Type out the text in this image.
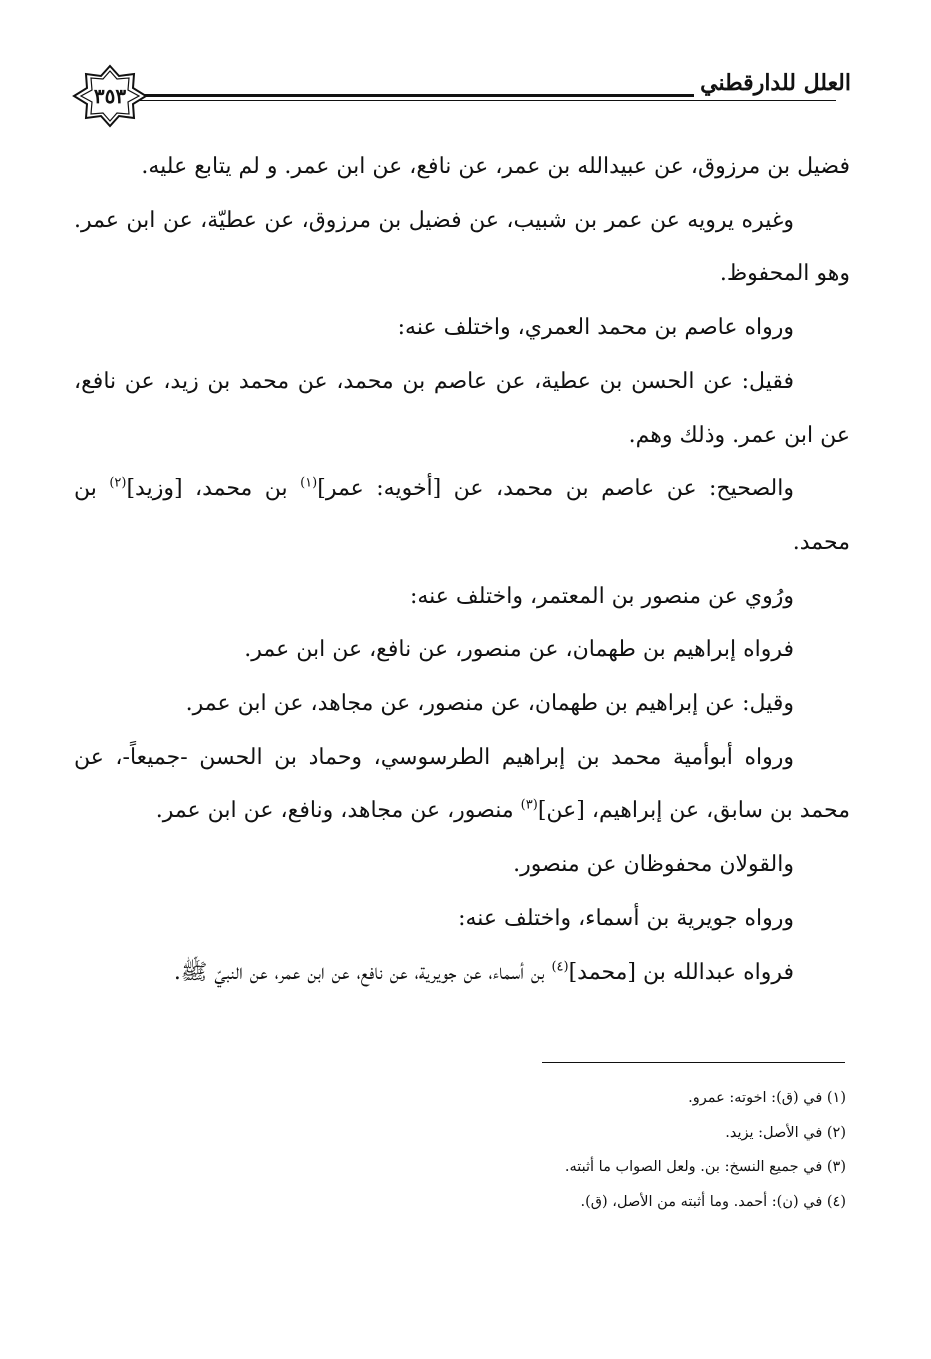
العلل للدارقطني
٣٥٣

فضيل بن مرزوق، عن عبيدالله بن عمر، عن نافع، عن ابن عمر. و لم يتابع عليه.

وغيره يرويه عن عمر بن شبيب، عن فضيل بن مرزوق، عن عطيّة، عن ابن عمر. وهو المحفوظ.

ورواه عاصم بن محمد العمري، واختلف عنه:

فقيل: عن الحسن بن عطية، عن عاصم بن محمد، عن محمد بن زيد، عن نافع، عن ابن عمر. وذلك وهم.

والصحيح: عن عاصم بن محمد، عن [أخويه: عمر]$^{(١)}$ بن محمد، [وزيد]$^{(٢)}$ بن محمد.

ورُوي عن منصور بن المعتمر، واختلف عنه:

فرواه إبراهيم بن طهمان، عن منصور، عن نافع، عن ابن عمر.

وقيل: عن إبراهيم بن طهمان، عن منصور، عن مجاهد، عن ابن عمر.

ورواه أبوأمية محمد بن إبراهيم الطرسوسي، وحماد بن الحسن -جميعاً-، عن محمد بن سابق، عن إبراهيم، [عن]$^{(٣)}$ منصور، عن مجاهد، ونافع، عن ابن عمر.

والقولان محفوظان عن منصور.

ورواه جويرية بن أسماء، واختلف عنه:

فرواه عبدالله بن [محمد]$^{(٤)}$ بن أسماء، عن جويرية، عن نافع، عن ابن عمر، عن النبيّ ﷺ.

(١) في (ق): اخوته: عمرو.

(٢) في الأصل: يزيد.

(٣) في جميع النسخ: بن. ولعل الصواب ما أثبته.

(٤) في (ن): أحمد. وما أثبته من الأصل، (ق).
